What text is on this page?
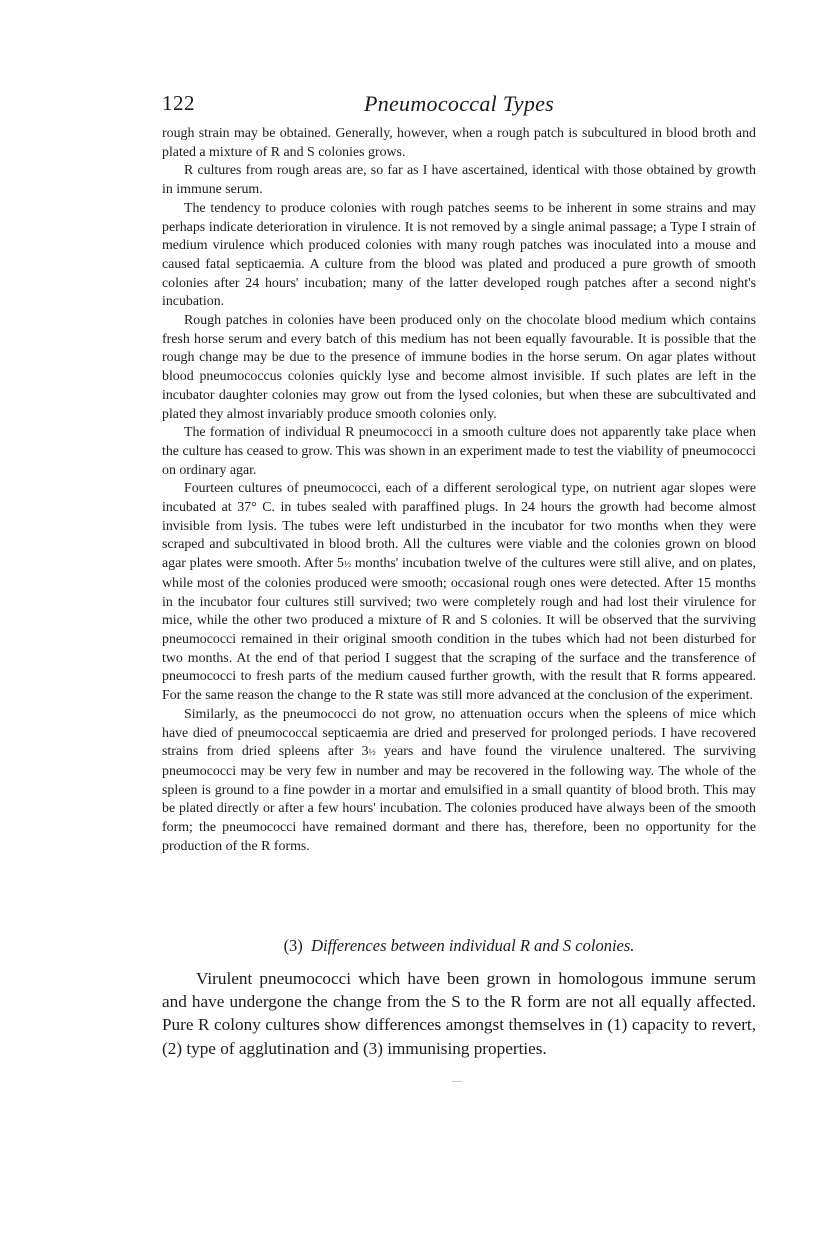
122	Pneumococcal Types

rough strain may be obtained. Generally, however, when a rough patch is subcultured in blood broth and plated a mixture of R and S colonies grows.

R cultures from rough areas are, so far as I have ascertained, identical with those obtained by growth in immune serum.

The tendency to produce colonies with rough patches seems to be inherent in some strains and may perhaps indicate deterioration in virulence. It is not removed by a single animal passage; a Type I strain of medium virulence which produced colonies with many rough patches was inoculated into a mouse and caused fatal septicaemia. A culture from the blood was plated and produced a pure growth of smooth colonies after 24 hours' incubation; many of the latter developed rough patches after a second night's incubation.

Rough patches in colonies have been produced only on the chocolate blood medium which contains fresh horse serum and every batch of this medium has not been equally favourable. It is possible that the rough change may be due to the presence of immune bodies in the horse serum. On agar plates without blood pneumococcus colonies quickly lyse and become almost invisible. If such plates are left in the incubator daughter colonies may grow out from the lysed colonies, but when these are subcultivated and plated they almost invariably produce smooth colonies only.

The formation of individual R pneumococci in a smooth culture does not apparently take place when the culture has ceased to grow. This was shown in an experiment made to test the viability of pneumococci on ordinary agar.

Fourteen cultures of pneumococci, each of a different serological type, on nutrient agar slopes were incubated at 37° C. in tubes sealed with paraffined plugs. In 24 hours the growth had become almost invisible from lysis. The tubes were left undisturbed in the incubator for two months when they were scraped and subcultivated in blood broth. All the cultures were viable and the colonies grown on blood agar plates were smooth. After 5½ months' incubation twelve of the cultures were still alive, and on plates, while most of the colonies produced were smooth; occasional rough ones were detected. After 15 months in the incubator four cultures still survived; two were completely rough and had lost their virulence for mice, while the other two produced a mixture of R and S colonies. It will be observed that the surviving pneumococci remained in their original smooth condition in the tubes which had not been disturbed for two months. At the end of that period I suggest that the scraping of the surface and the transference of pneumococci to fresh parts of the medium caused further growth, with the result that R forms appeared. For the same reason the change to the R state was still more advanced at the conclusion of the experiment.

Similarly, as the pneumococci do not grow, no attenuation occurs when the spleens of mice which have died of pneumococcal septicaemia are dried and preserved for prolonged periods. I have recovered strains from dried spleens after 3½ years and have found the virulence unaltered. The surviving pneumococci may be very few in number and may be recovered in the following way. The whole of the spleen is ground to a fine powder in a mortar and emulsified in a small quantity of blood broth. This may be plated directly or after a few hours' incubation. The colonies produced have always been of the smooth form; the pneumococci have remained dormant and there has, therefore, been no opportunity for the production of the R forms.

(3) Differences between individual R and S colonies.

Virulent pneumococci which have been grown in homologous immune serum and have undergone the change from the S to the R form are not all equally affected. Pure R colony cultures show differences amongst themselves in (1) capacity to revert, (2) type of agglutination and (3) immunising properties.
